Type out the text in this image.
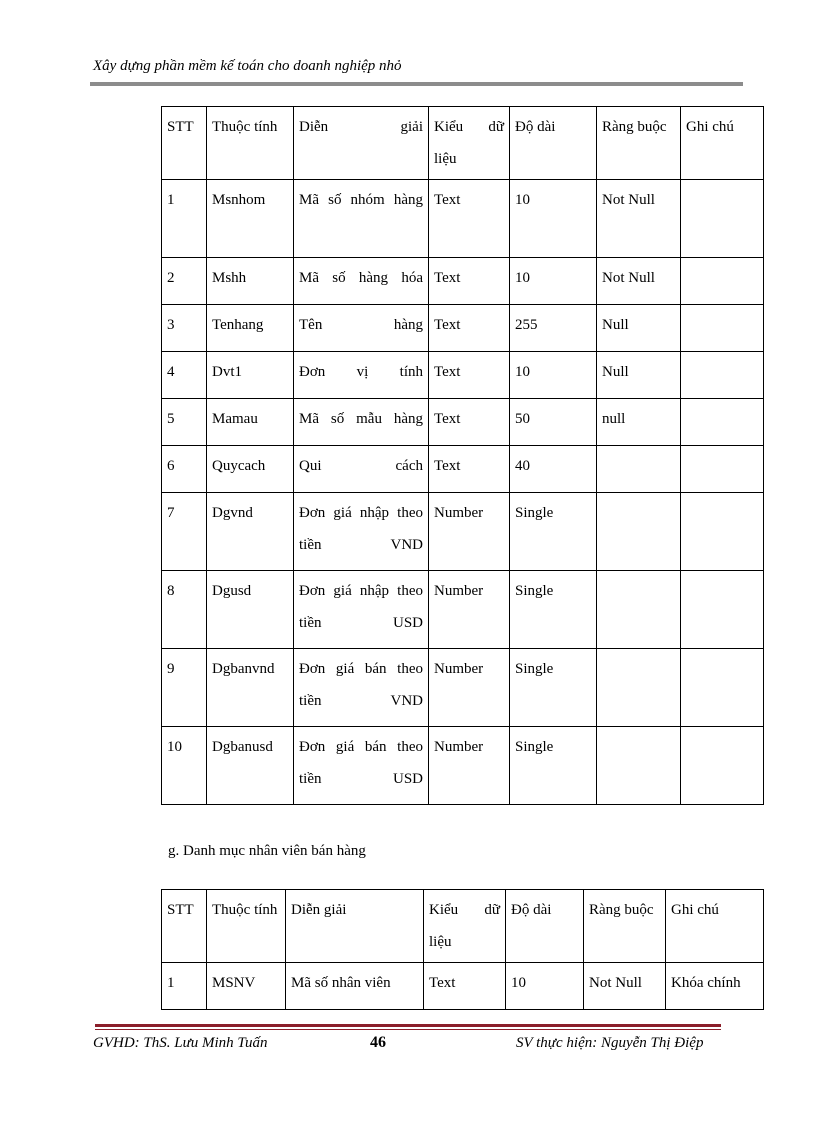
Xây dựng phần mềm kế toán cho doanh nghiệp nhỏ
STT	Thuộc tính	Diễn giải	Kiểu dữ liệu	Độ dài	Ràng buộc	Ghi chú
1	Msnhom	Mã số nhóm hàng	Text	10	Not Null	
2	Mshh	Mã số hàng hóa	Text	10	Not Null	
3	Tenhang	Tên hàng	Text	255	Null	
4	Dvt1	Đơn vị tính	Text	10	Null	
5	Mamau	Mã số mẫu hàng	Text	50	null	
6	Quycach	Qui cách	Text	40		
7	Dgvnd	Đơn giá nhập theo tiền VND	Number	Single		
8	Dgusd	Đơn giá nhập theo tiền USD	Number	Single		
9	Dgbanvnd	Đơn giá bán theo tiền VND	Number	Single		
10	Dgbanusd	Đơn giá bán theo tiền USD	Number	Single		
g. Danh mục nhân viên bán hàng
STT	Thuộc tính	Diễn giải	Kiểu dữ liệu	Độ dài	Ràng buộc	Ghi chú
1	MSNV	Mã số nhân viên	Text	10	Not Null	Khóa chính
GVHD: ThS. Lưu Minh Tuấn	46	SV thực hiện: Nguyễn Thị Điệp
